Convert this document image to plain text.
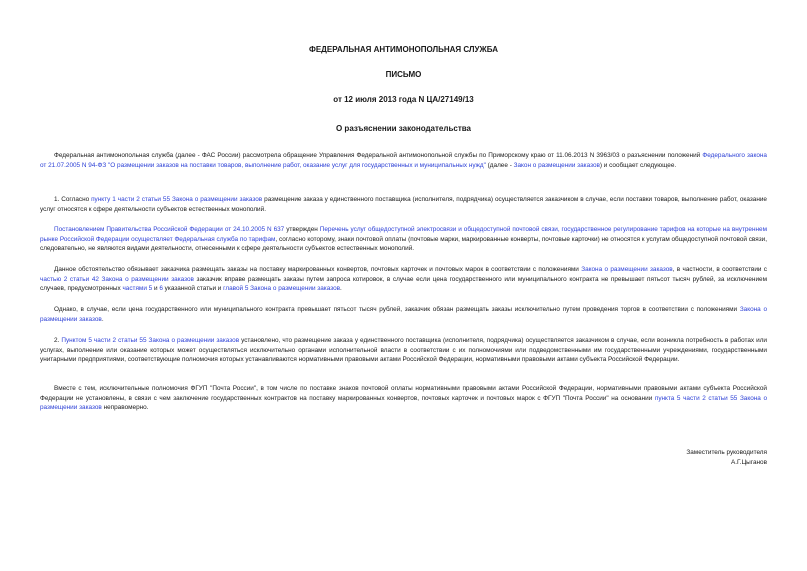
ФЕДЕРАЛЬНАЯ АНТИМОНОПОЛЬНАЯ СЛУЖБА
ПИСЬМО
от 12 июля 2013 года N ЦА/27149/13
О разъяснении законодательства
Федеральная антимонопольная служба (далее - ФАС России) рассмотрела обращение Управления Федеральной антимонопольной службы по Приморскому краю от 11.06.2013 N 3963/03 о разъяснении положений Федерального закона от 21.07.2005 N 94-ФЗ "О размещении заказов на поставки товаров, выполнение работ, оказание услуг для государственных и муниципальных нужд" (далее - Закон о размещении заказов) и сообщает следующее.
1. Согласно пункту 1 части 2 статьи 55 Закона о размещении заказов размещение заказа у единственного поставщика (исполнителя, подрядчика) осуществляется заказчиком в случае, если поставки товаров, выполнение работ, оказание услуг относятся к сфере деятельности субъектов естественных монополий.
Постановлением Правительства Российской Федерации от 24.10.2005 N 637 утвержден Перечень услуг общедоступной электросвязи и общедоступной почтовой связи, государственное регулирование тарифов на которые на внутреннем рынке Российской Федерации осуществляет Федеральная служба по тарифам, согласно которому, знаки почтовой оплаты (почтовые марки, маркированные конверты, почтовые карточки) не относятся к услугам общедоступной почтовой связи, следовательно, не являются видами деятельности, отнесенными к сфере деятельности субъектов естественных монополий.
Данное обстоятельство обязывает заказчика размещать заказы на поставку маркированных конвертов, почтовых карточек и почтовых марок в соответствии с положениями Закона о размещении заказов, в частности, в соответствии с частью 2 статьи 42 Закона о размещении заказов заказчик вправе размещать заказы путем запроса котировок, в случае если цена государственного или муниципального контракта не превышает пятьсот тысяч рублей, за исключением случаев, предусмотренных частями 5 и 6 указанной статьи и главой 5 Закона о размещении заказов.
Однако, в случае, если цена государственного или муниципального контракта превышает пятьсот тысяч рублей, заказчик обязан размещать заказы исключительно путем проведения торгов в соответствии с положениями Закона о размещении заказов.
2. Пунктом 5 части 2 статьи 55 Закона о размещении заказов установлено, что размещение заказа у единственного поставщика (исполнителя, подрядчика) осуществляется заказчиком в случае, если возникла потребность в работах или услугах, выполнение или оказание которых может осуществляться исключительно органами исполнительной власти в соответствии с их полномочиями или подведомственными им государственными учреждениями, государственными унитарными предприятиями, соответствующие полномочия которых устанавливаются нормативными правовыми актами Российской Федерации, нормативными правовыми актами субъекта Российской Федерации.
Вместе с тем, исключительные полномочия ФГУП "Почта России", в том числе по поставке знаков почтовой оплаты нормативными правовыми актами Российской Федерации, нормативными правовыми актами субъекта Российской Федерации не установлены, в связи с чем заключение государственных контрактов на поставку маркированных конвертов, почтовых карточек и почтовых марок с ФГУП "Почта России" на основании пункта 5 части 2 статьи 55 Закона о размещении заказов неправомерно.
Заместитель руководителя
А.Г.Цыганов
